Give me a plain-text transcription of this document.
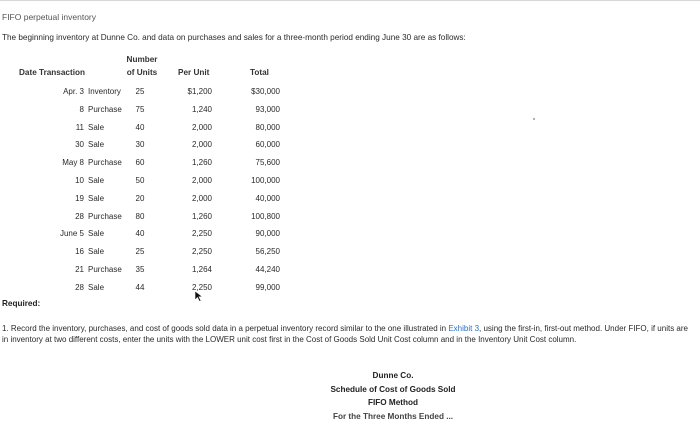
FIFO perpetual inventory
The beginning inventory at Dunne Co. and data on purchases and sales for a three-month period ending June 30 are as follows:
Date Transaction
Number
of Units	Per Unit	Total
Apr. 3 Inventory	25	$1,200	$30,000
8 Purchase	75	1,240	93,000
11 Sale	40	2,000	80,000
30 Sale	30	2,000	60,000
May 8 Purchase	60	1,260	75,600
10 Sale	50	2,000	100,000
19 Sale	20	2,000	40,000
28 Purchase	80	1,260	100,800
June 5 Sale	40	2,250	90,000
16 Sale	25	2,250	56,250
21 Purchase	35	1,264	44,240
28 Sale	44	2,250	99,000
Required:
1. Record the inventory, purchases, and cost of goods sold data in a perpetual inventory record similar to the one illustrated in Exhibit 3, using the first-in, first-out method. Under FIFO, if units are in inventory at two different costs, enter the units with the LOWER unit cost first in the Cost of Goods Sold Unit Cost column and in the Inventory Unit Cost column.
Dunne Co.
Schedule of Cost of Goods Sold
FIFO Method
For the Three Months Ended ...
